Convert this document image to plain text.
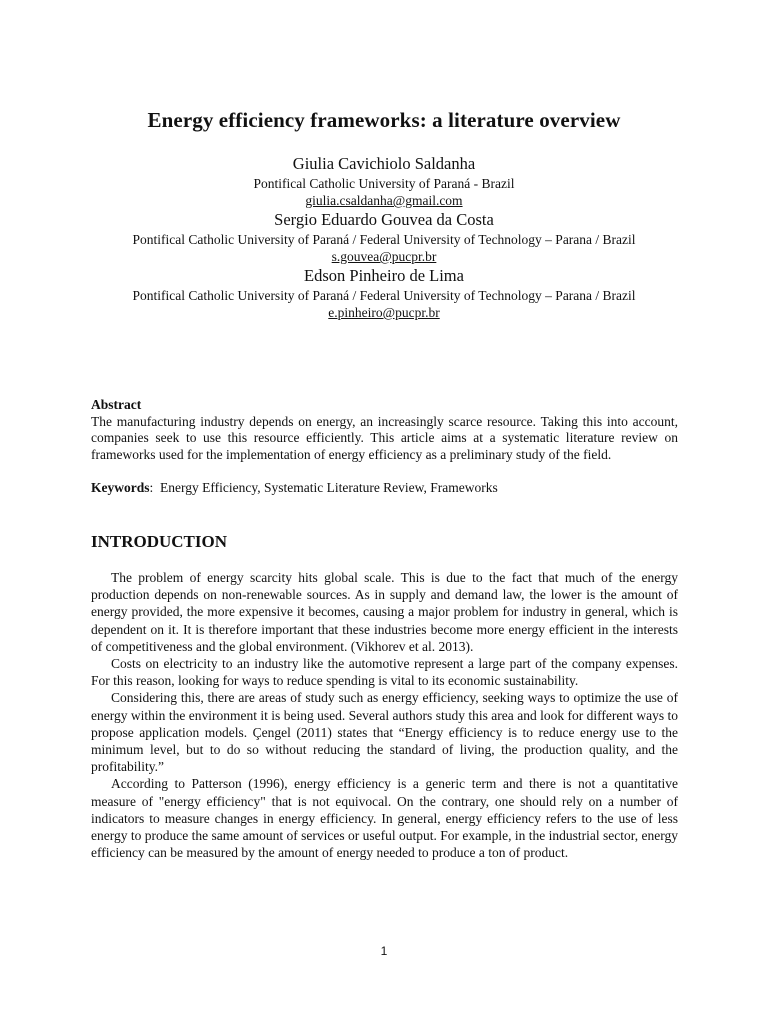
Energy efficiency frameworks: a literature overview

Giulia Cavichiolo Saldanha

Pontifical Catholic University of Paraná - Brazil

giulia.csaldanha@gmail.com

Sergio Eduardo Gouvea da Costa

Pontifical Catholic University of Paraná / Federal University of Technology – Parana / Brazil

s.gouvea@pucpr.br

Edson Pinheiro de Lima

Pontifical Catholic University of Paraná / Federal University of Technology – Parana / Brazil

e.pinheiro@pucpr.br

Abstract

The manufacturing industry depends on energy, an increasingly scarce resource. Taking this into account, companies seek to use this resource efficiently. This article aims at a systematic literature review on frameworks used for the implementation of energy efficiency as a preliminary study of the field.

Keywords:  Energy Efficiency, Systematic Literature Review, Frameworks
INTRODUCTION

The problem of energy scarcity hits global scale. This is due to the fact that much of the energy production depends on non-renewable sources. As in supply and demand law, the lower is the amount of energy provided, the more expensive it becomes, causing a major problem for industry in general, which is dependent on it. It is therefore important that these industries become more energy efficient in the interests of competitiveness and the global environment. (Vikhorev et al. 2013).

Costs on electricity to an industry like the automotive represent a large part of the company expenses. For this reason, looking for ways to reduce spending is vital to its economic sustainability.

Considering this, there are areas of study such as energy efficiency, seeking ways to optimize the use of energy within the environment it is being used. Several authors study this area and look for different ways to propose application models. Çengel (2011) states that “Energy efficiency is to reduce energy use to the minimum level, but to do so without reducing the standard of living, the production quality, and the profitability.”

According to Patterson (1996), energy efficiency is a generic term and there is not a quantitative measure of "energy efficiency" that is not equivocal. On the contrary, one should rely on a number of indicators to measure changes in energy efficiency. In general, energy efficiency refers to the use of less energy to produce the same amount of services or useful output. For example, in the industrial sector, energy efficiency can be measured by the amount of energy needed to produce a ton of product.

1
